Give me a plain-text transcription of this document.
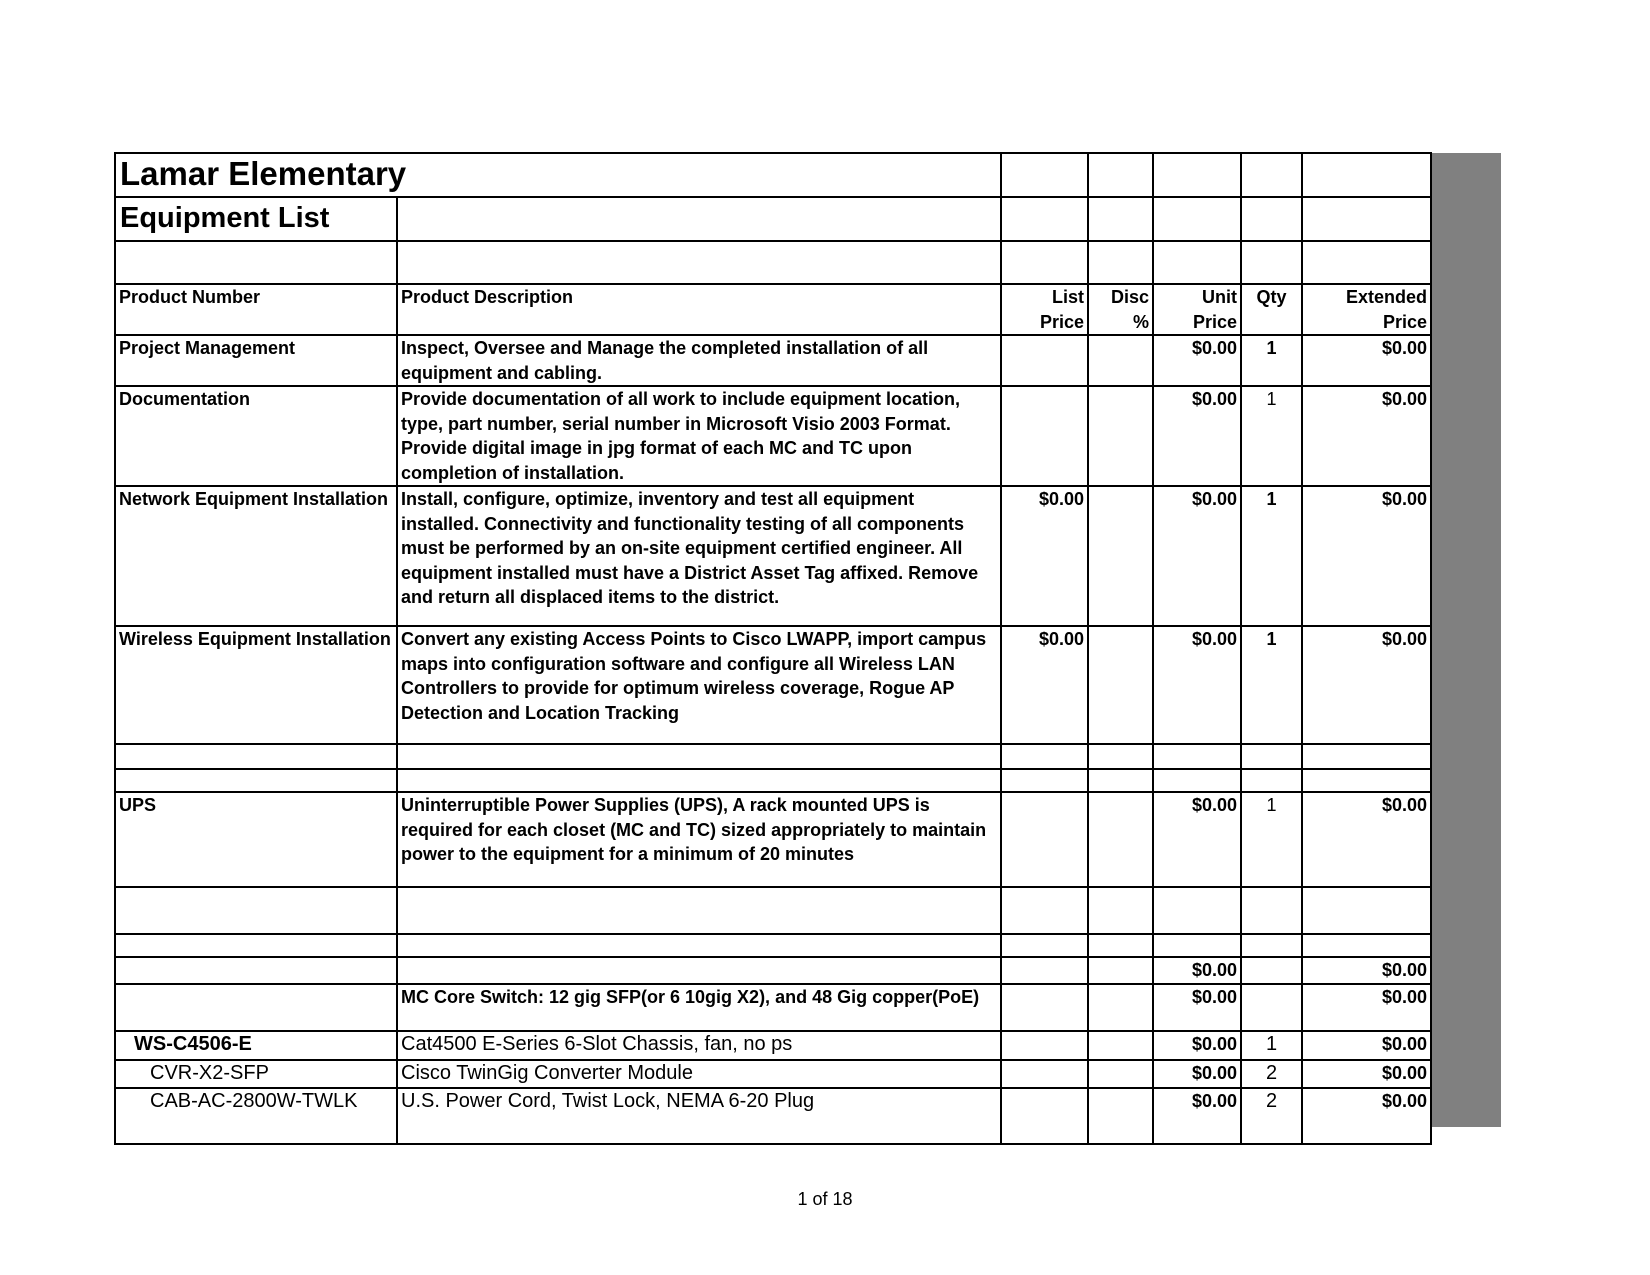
Lamar Elementary						
Equipment List						

Product Number	Product Description	List Price	Disc %	Unit Price	Qty	Extended Price
Project Management	Inspect, Oversee and Manage the completed installation of all equipment and cabling.			$0.00	1	$0.00
Documentation	Provide documentation of all work to include equipment location, type, part number, serial number in Microsoft Visio 2003 Format. Provide digital image in jpg format of each MC and TC upon completion of installation.			$0.00	1	$0.00
Network Equipment Installation	Install, configure, optimize, inventory and test all equipment installed. Connectivity and functionality testing of all components must be performed by an on-site equipment certified engineer. All equipment installed must have a District Asset Tag affixed. Remove and return all displaced items to the district.	$0.00		$0.00	1	$0.00
Wireless Equipment Installation	Convert any existing Access Points to Cisco LWAPP, import campus maps into configuration software and configure all Wireless LAN Controllers to provide for optimum wireless coverage, Rogue AP Detection and Location Tracking	$0.00		$0.00	1	$0.00

UPS	Uninterruptible Power Supplies (UPS), A rack mounted UPS is required for each closet (MC and TC) sized appropriately to maintain power to the equipment for a minimum of 20 minutes			$0.00	1	$0.00

				$0.00		$0.00
	MC Core Switch: 12 gig SFP(or 6 10gig X2), and 48 Gig copper(PoE)			$0.00		$0.00
WS-C4506-E	Cat4500 E-Series 6-Slot Chassis, fan, no ps			$0.00	1	$0.00
CVR-X2-SFP	Cisco TwinGig Converter Module			$0.00	2	$0.00
CAB-AC-2800W-TWLK	U.S. Power Cord, Twist Lock, NEMA 6-20 Plug			$0.00	2	$0.00
1 of 18
